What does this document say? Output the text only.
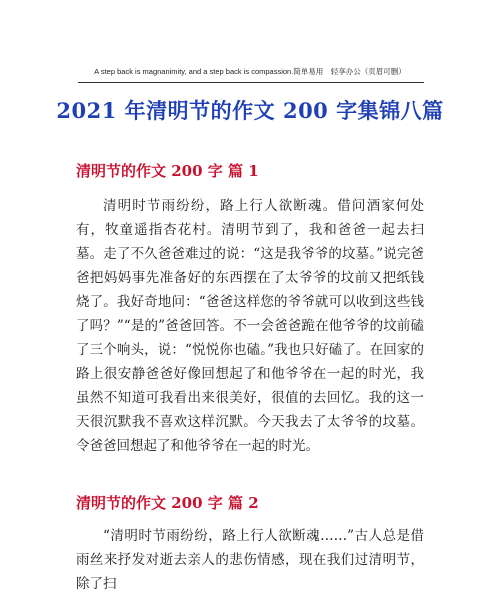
A step back is magnanimity, and a step back is compassion.简单易用　轻享办公（页眉可删）
2021 年清明节的作文 200 字集锦八篇
清明节的作文 200 字 篇 1

清明时节雨纷纷，路上行人欲断魂。借问酒家何处有，牧童遥指杏花村。清明节到了，我和爸爸一起去扫墓。走了不久爸爸难过的说：“这是我爷爷的坟墓。”说完爸爸把妈妈事先准备好的东西摆在了太爷爷的坟前又把纸钱烧了。我好奇地问：“爸爸这样您的爷爷就可以收到这些钱了吗？”“是的”爸爸回答。不一会爸爸跪在他爷爷的坟前磕了三个响头，说：“悦悦你也磕。”我也只好磕了。在回家的路上很安静爸爸好像回想起了和他爷爷在一起的时光，我虽然不知道可我看出来很美好，很值的去回忆。我的这一天很沉默我不喜欢这样沉默。今天我去了太爷爷的坟墓。令爸爸回想起了和他爷爷在一起的时光。

清明节的作文 200 字 篇 2

“清明时节雨纷纷，路上行人欲断魂……”古人总是借雨丝来抒发对逝去亲人的悲伤情感，现在我们过清明节，除了扫
